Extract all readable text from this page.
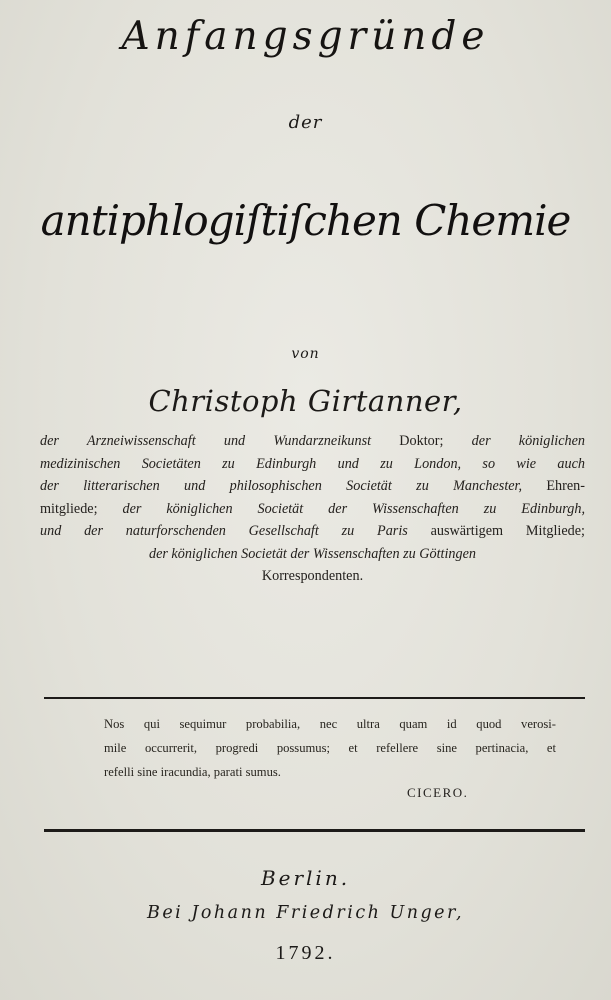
Anfangsgründe
der
antiphlogiſtiſchen Chemie
von
Christoph Girtanner,
der Arzneiwissenschaft und Wundarzneikunst Doktor; der königlichen
medizinischen Societäten zu Edinburgh und zu London, so wie auch
der litterarischen und philosophischen Societät zu Manchester, Ehren-
mitgliede; der königlichen Societät der Wissenschaften zu Edinburgh,
und der naturforschenden Gesellschaft zu Paris auswärtigem Mitgliede;
der königlichen Societät der Wissenschaften zu Göttingen
Korrespondenten.
Nos qui sequimur probabilia, nec ultra quam id quod verosi-
mile occurrerit, progredi possumus; et refellere sine pertinacia, et
refelli sine iracundia, parati sumus.
CICERO.
Berlin.
Bei Johann Friedrich Unger,
1792.
